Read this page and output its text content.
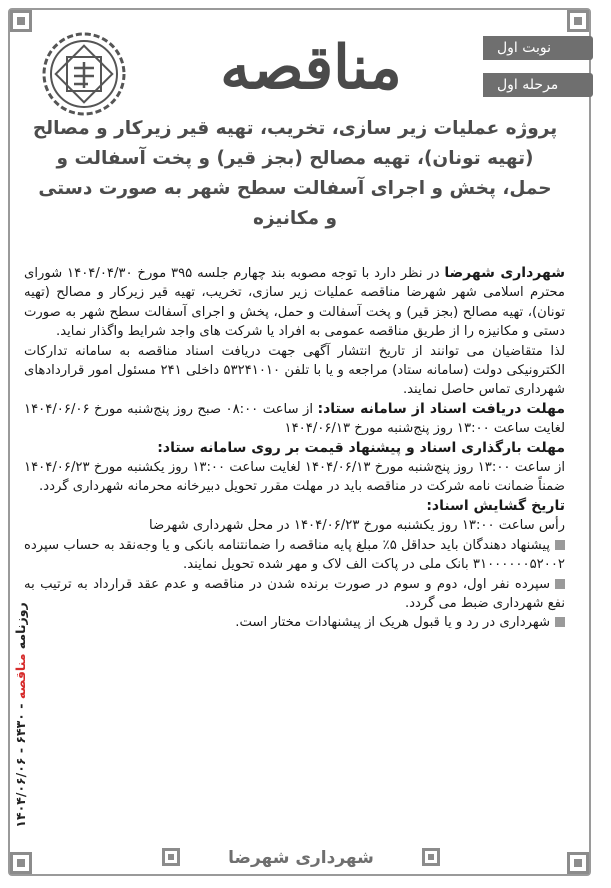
نوبت اول
مرحله اول
مناقصه
پروژه عملیات زیر سازی، تخریب، تهیه قیر زیرکار و مصالح (تهیه تونان)، تهیه مصالح (بجز قیر) و پخت آسفالت و حمل، پخش و اجرای آسفالت سطح شهر به صورت دستی و مکانیزه

شهرداری شهرضا در نظر دارد با توجه مصوبه بند چهارم جلسه ۳۹۵ مورخ ۱۴۰۴/۰۴/۳۰ شورای محترم اسلامی شهر شهرضا مناقصه عملیات زیر سازی، تخریب، تهیه قیر زیرکار و مصالح (تهیه تونان)، تهیه مصالح (بجز قیر) و پخت آسفالت و حمل، پخش و اجرای آسفالت سطح شهر به صورت دستی و مکانیزه را از طریق مناقصه عمومی به افراد یا شرکت های واجد شرایط واگذار نماید.

لذا متقاضیان می توانند از تاریخ انتشار آگهی جهت دریافت اسناد مناقصه به سامانه تدارکات الکترونیکی دولت (سامانه ستاد) مراجعه و یا با تلفن ۵۳۲۴۱۰۱۰ داخلی ۲۴۱ مسئول امور قراردادهای شهرداری تماس حاصل نمایند.

مهلت دریافت اسناد از سامانه ستاد: از ساعت ۰۸:۰۰ صبح روز پنج‌شنبه مورخ ۱۴۰۴/۰۶/۰۶ لغایت ساعت ۱۳:۰۰ روز پنج‌شنبه مورخ ۱۴۰۴/۰۶/۱۳

مهلت بارگذاری اسناد و پیشنهاد قیمت بر روی سامانه ستاد:

از ساعت ۱۳:۰۰ روز پنج‌شنبه مورخ ۱۴۰۴/۰۶/۱۳ لغایت ساعت ۱۳:۰۰ روز یکشنبه مورخ ۱۴۰۴/۰۶/۲۳ ضمناً ضمانت نامه شرکت در مناقصه باید در مهلت مقرر تحویل دبیرخانه محرمانه شهرداری گردد.

تاریخ گشایش اسناد:

رأس ساعت ۱۳:۰۰ روز یکشنبه مورخ ۱۴۰۴/۰۶/۲۳ در محل شهرداری شهرضا

پیشنهاد دهندگان باید حداقل ۵٪ مبلغ پایه مناقصه را ضمانتنامه بانکی و یا وجه‌نقد به حساب سپرده ۳۱۰۰۰۰۰۰۵۲۰۰۲ بانک ملی در پاکت الف لاک و مهر شده تحویل نمایند.

سپرده نفر اول، دوم و سوم در صورت برنده شدن در مناقصه و عدم عقد قرارداد به ترتیب به نفع شهرداری ضبط می گردد.

شهرداری در رد و یا قبول هریک از پیشنهادات مختار است.

روزنامه مناقصه - ۶۴۳۰ - ۱۴۰۴/۰۶/۰۶
شهرداری شهرضا
